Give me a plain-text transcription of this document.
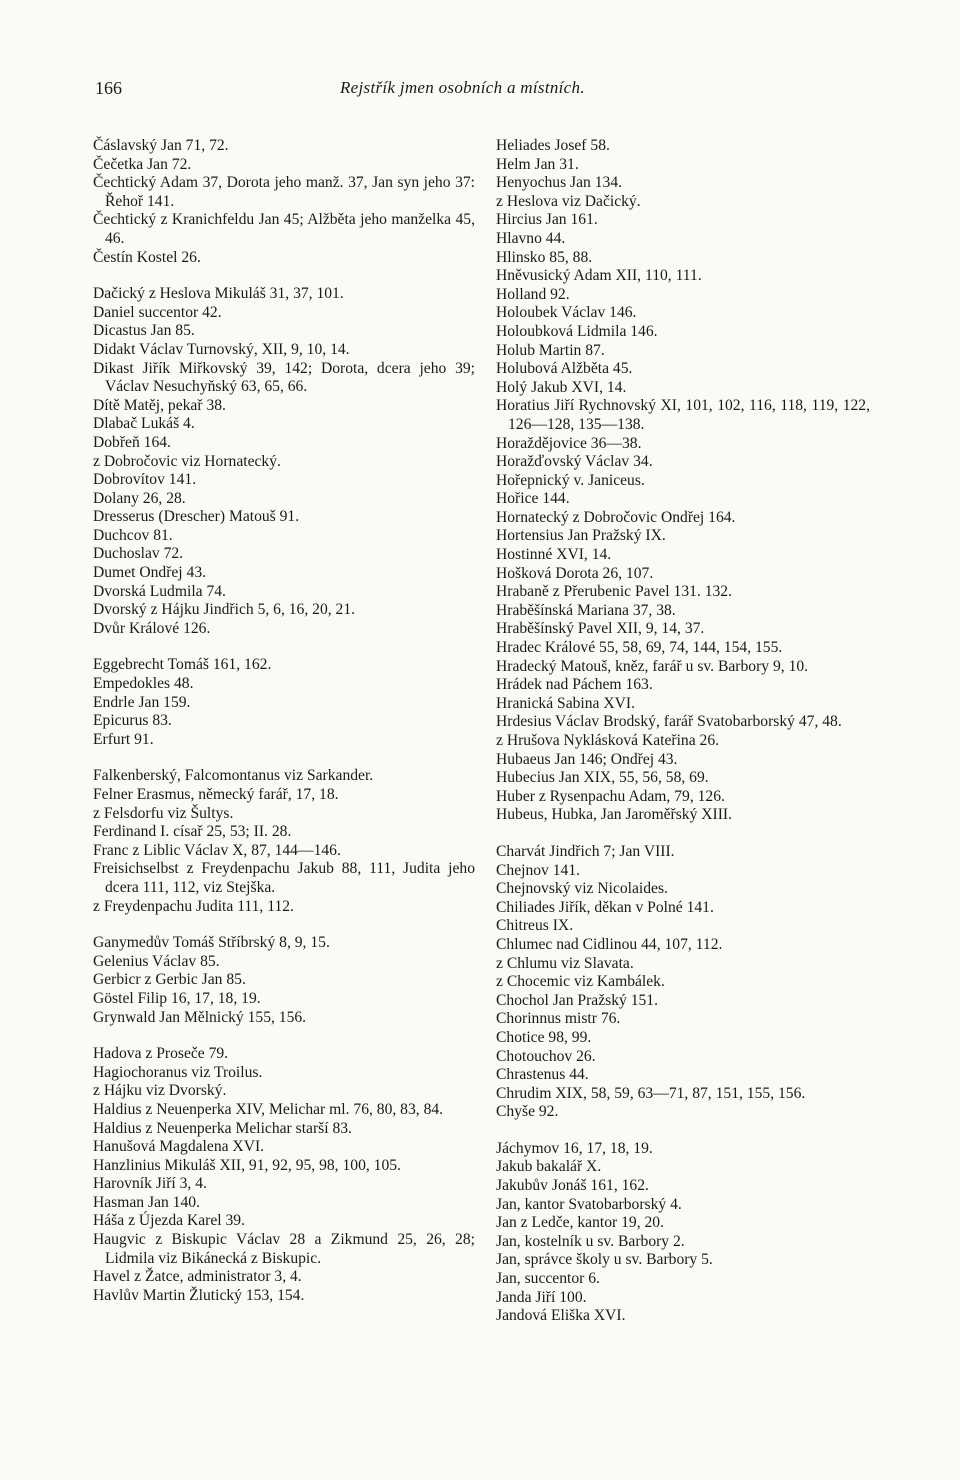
166	Rejstřík jmen osobních a místních.

Čáslavský Jan 71, 72.

Čečetka Jan 72.

Čechtický Adam 37, Dorota jeho manž. 37, Jan syn jeho 37: Řehoř 141.

Čechtický z Kranichfeldu Jan 45; Alžběta jeho manželka 45, 46.

Čestín Kostel 26.

Dačický z Heslova Mikuláš 31, 37, 101.

Daniel succentor 42.

Dicastus Jan 85.

Didakt Václav Turnovský, XII, 9, 10, 14.

Dikast Jiřík Miřkovský 39, 142; Dorota, dcera jeho 39; Václav Nesuchyňský 63, 65, 66.

Dítě Matěj, pekař 38.

Dlabač Lukáš 4.

Dobřeň 164.

z Dobročovic viz Hornatecký.

Dobrovítov 141.

Dolany 26, 28.

Dresserus (Drescher) Matouš 91.

Duchcov 81.

Duchoslav 72.

Dumet Ondřej 43.

Dvorská Ludmila 74.

Dvorský z Hájku Jindřich 5, 6, 16, 20, 21.

Dvůr Králové 126.

Eggebrecht Tomáš 161, 162.

Empedokles 48.

Endrle Jan 159.

Epicurus 83.

Erfurt 91.

Falkenberský, Falcomontanus viz Sarkander.

Felner Erasmus, německý farář, 17, 18.

z Felsdorfu viz Šultys.

Ferdinand I. císař 25, 53; II. 28.

Franc z Liblic Václav X, 87, 144—146.

Freisichselbst z Freydenpachu Jakub 88, 111, Judita jeho dcera 111, 112, viz Stejška.

z Freydenpachu Judita 111, 112.

Ganymedův Tomáš Stříbrský 8, 9, 15.

Gelenius Václav 85.

Gerbicr z Gerbic Jan 85.

Göstel Filip 16, 17, 18, 19.

Grynwald Jan Mělnický 155, 156.

Hadova z Proseče 79.

Hagiochoranus viz Troilus.

z Hájku viz Dvorský.

Haldius z Neuenperka XIV, Melichar ml. 76, 80, 83, 84.

Haldius z Neuenperka Melichar starší 83.

Hanušová Magdalena XVI.

Hanzlinius Mikuláš XII, 91, 92, 95, 98, 100, 105.

Harovník Jiří 3, 4.

Hasman Jan 140.

Háša z Újezda Karel 39.

Haugvic z Biskupic Václav 28 a Zikmund 25, 26, 28; Lidmila viz Bikánecká z Biskupic.

Havel z Žatce, administrator 3, 4.

Havlův Martin Žlutický 153, 154.

Heliades Josef 58.

Helm Jan 31.

Henyochus Jan 134.

z Heslova viz Dačický.

Hircius Jan 161.

Hlavno 44.

Hlinsko 85, 88.

Hněvusický Adam XII, 110, 111.

Holland 92.

Holoubek Václav 146.

Holoubková Lidmila 146.

Holub Martin 87.

Holubová Alžběta 45.

Holý Jakub XVI, 14.

Horatius Jiří Rychnovský XI, 101, 102, 116, 118, 119, 122, 126—128, 135—138.

Horaždějovice 36—38.

Horažďovský Václav 34.

Hořepnický v. Janiceus.

Hořice 144.

Hornatecký z Dobročovic Ondřej 164.

Hortensius Jan Pražský IX.

Hostinné XVI, 14.

Hošková Dorota 26, 107.

Hrabaně z Přerubenic Pavel 131. 132.

Hraběšínská Mariana 37, 38.

Hraběšínský Pavel XII, 9, 14, 37.

Hradec Králové 55, 58, 69, 74, 144, 154, 155.

Hradecký Matouš, kněz, farář u sv. Barbory 9, 10.

Hrádek nad Páchem 163.

Hranická Sabina XVI.

Hrdesius Václav Brodský, farář Svatobarborský 47, 48.

z Hrušova Nyklásková Kateřina 26.

Hubaeus Jan 146; Ondřej 43.

Hubecius Jan XIX, 55, 56, 58, 69.

Huber z Rysenpachu Adam, 79, 126.

Hubeus, Hubka, Jan Jaroměřský XIII.

Charvát Jindřich 7; Jan VIII.

Chejnov 141.

Chejnovský viz Nicolaides.

Chiliades Jiřík, děkan v Polné 141.

Chitreus IX.

Chlumec nad Cidlinou 44, 107, 112.

z Chlumu viz Slavata.

z Chocemic viz Kambálek.

Chochol Jan Pražský 151.

Chorinnus mistr 76.

Chotice 98, 99.

Chotouchov 26.

Chrastenus 44.

Chrudim XIX, 58, 59, 63—71, 87, 151, 155, 156.

Chyše 92.

Jáchymov 16, 17, 18, 19.

Jakub bakalář X.

Jakubův Jonáš 161, 162.

Jan, kantor Svatobarborský 4.

Jan z Ledče, kantor 19, 20.

Jan, kostelník u sv. Barbory 2.

Jan, správce školy u sv. Barbory 5.

Jan, succentor 6.

Janda Jiří 100.

Jandová Eliška XVI.
